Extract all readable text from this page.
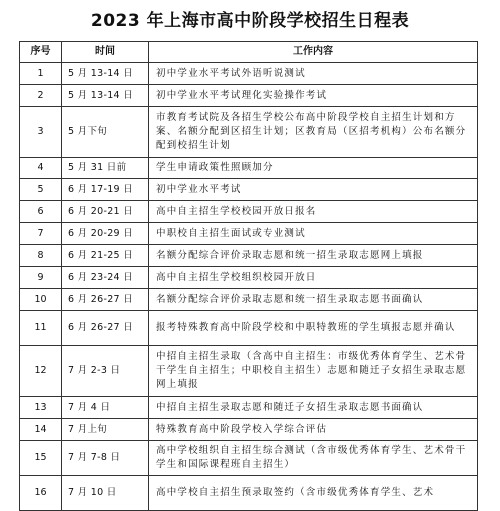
2023 年上海市高中阶段学校招生日程表
序号	时间	工作内容
1	5 月 13-14 日	初中学业水平考试外语听说测试
2	5 月 13-14 日	初中学业水平考试理化实验操作考试
3	5 月下旬	市教育考试院及各招生学校公布高中阶段学校自主招生计划和方案、名额分配到区招生计划；区教育局（区招考机构）公布名额分配到校招生计划
4	5 月 31 日前	学生申请政策性照顾加分
5	6 月 17-19 日	初中学业水平考试
6	6 月 20-21 日	高中自主招生学校校园开放日报名
7	6 月 20-29 日	中职校自主招生面试或专业测试
8	6 月 21-25 日	名额分配综合评价录取志愿和统一招生录取志愿网上填报
9	6 月 23-24 日	高中自主招生学校组织校园开放日
10	6 月 26-27 日	名额分配综合评价录取志愿和统一招生录取志愿书面确认
11	6 月 26-27 日	报考特殊教育高中阶段学校和中职特教班的学生填报志愿并确认
12	7 月 2-3 日	中招自主招生录取（含高中自主招生：市级优秀体育学生、艺术骨干学生自主招生；中职校自主招生）志愿和随迁子女招生录取志愿网上填报
13	7 月 4 日	中招自主招生录取志愿和随迁子女招生录取志愿书面确认
14	7 月上旬	特殊教育高中阶段学校入学综合评估
15	7 月 7-8 日	高中学校组织自主招生综合测试（含市级优秀体育学生、艺术骨干学生和国际课程班自主招生）
16	7 月 10 日	高中学校自主招生预录取签约（含市级优秀体育学生、艺术
